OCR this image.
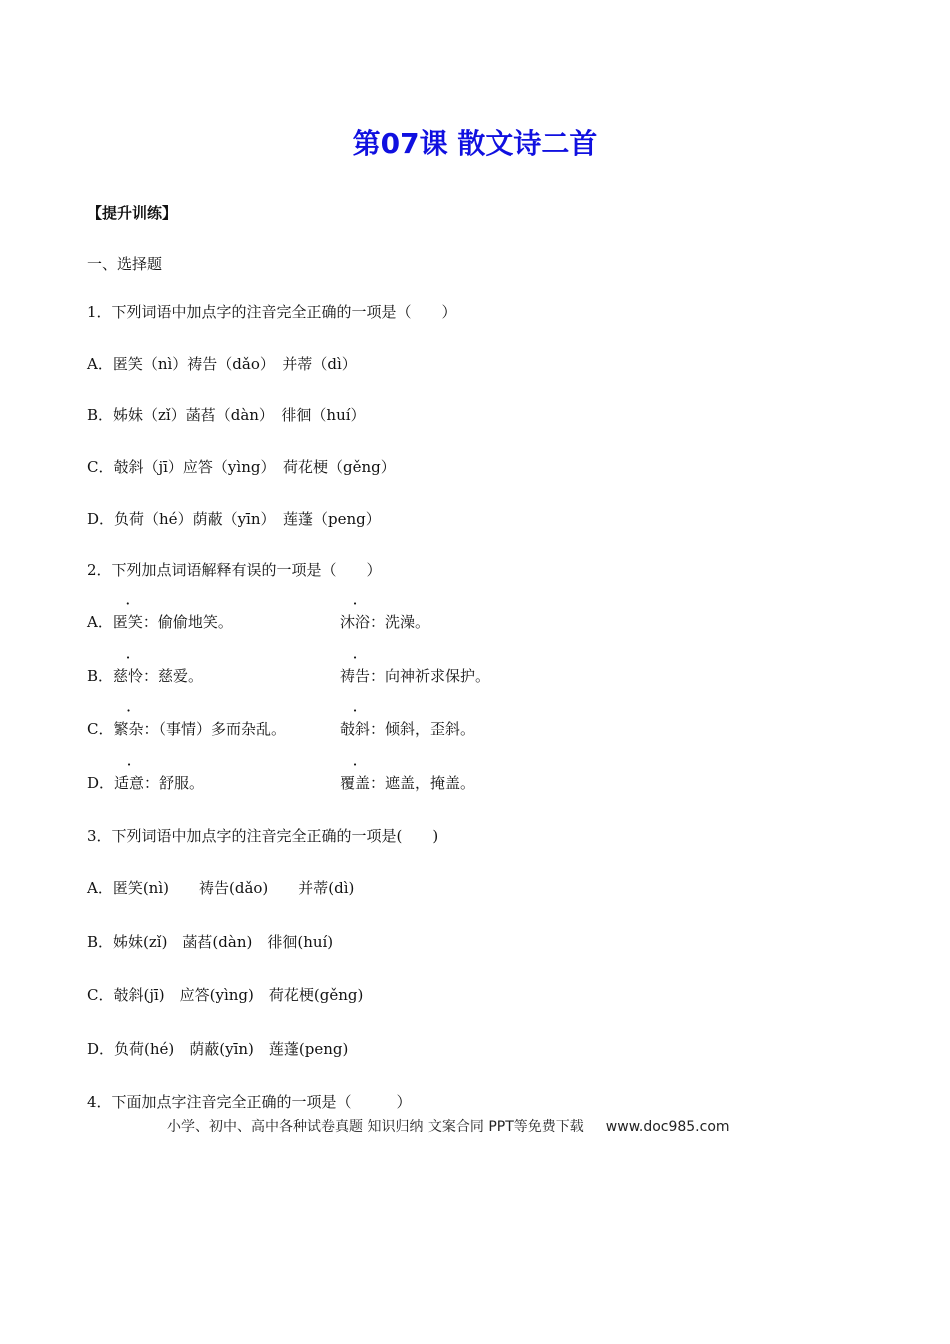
第07课 散文诗二首
【提升训练】
一、选择题
1．下列词语中加点字的注音完全正确的一项是（　　）
A．匿笑（nì）祷告（dǎo）　并蒂（dì）
B．姊妹（zǐ）菡萏（dàn）　徘徊（huí）
C．攲斜（jī）应答（yìng）　荷花梗（gěng）
D．负荷（hé）荫蔽（yīn）　莲蓬（peng）
2．下列加点词语解释有误的一项是（　　）
A．匿笑：偷偷地笑。	沐浴：洗澡。
B．慈怜：慈爱。	祷告：向神祈求保护。
C．繁杂：（事情）多而杂乱。	攲斜：倾斜，歪斜。
D．适意：舒服。	覆盖：遮盖，掩盖。
3．下列词语中加点字的注音完全正确的一项是(　　)
A．匿笑(nì)　　祷告(dǎo)　　并蒂(dì)
B．姊妹(zǐ)　菡萏(dàn)　徘徊(huí)
C．攲斜(jī)　应答(yìng)　荷花梗(gěng)
D．负荷(hé)　荫蔽(yīn)　莲蓬(peng)
4．下面加点字注音完全正确的一项是（　　　）
小学、初中、高中各种试卷真题 知识归纳 文案合同 PPT等免费下载 www.doc985.com
